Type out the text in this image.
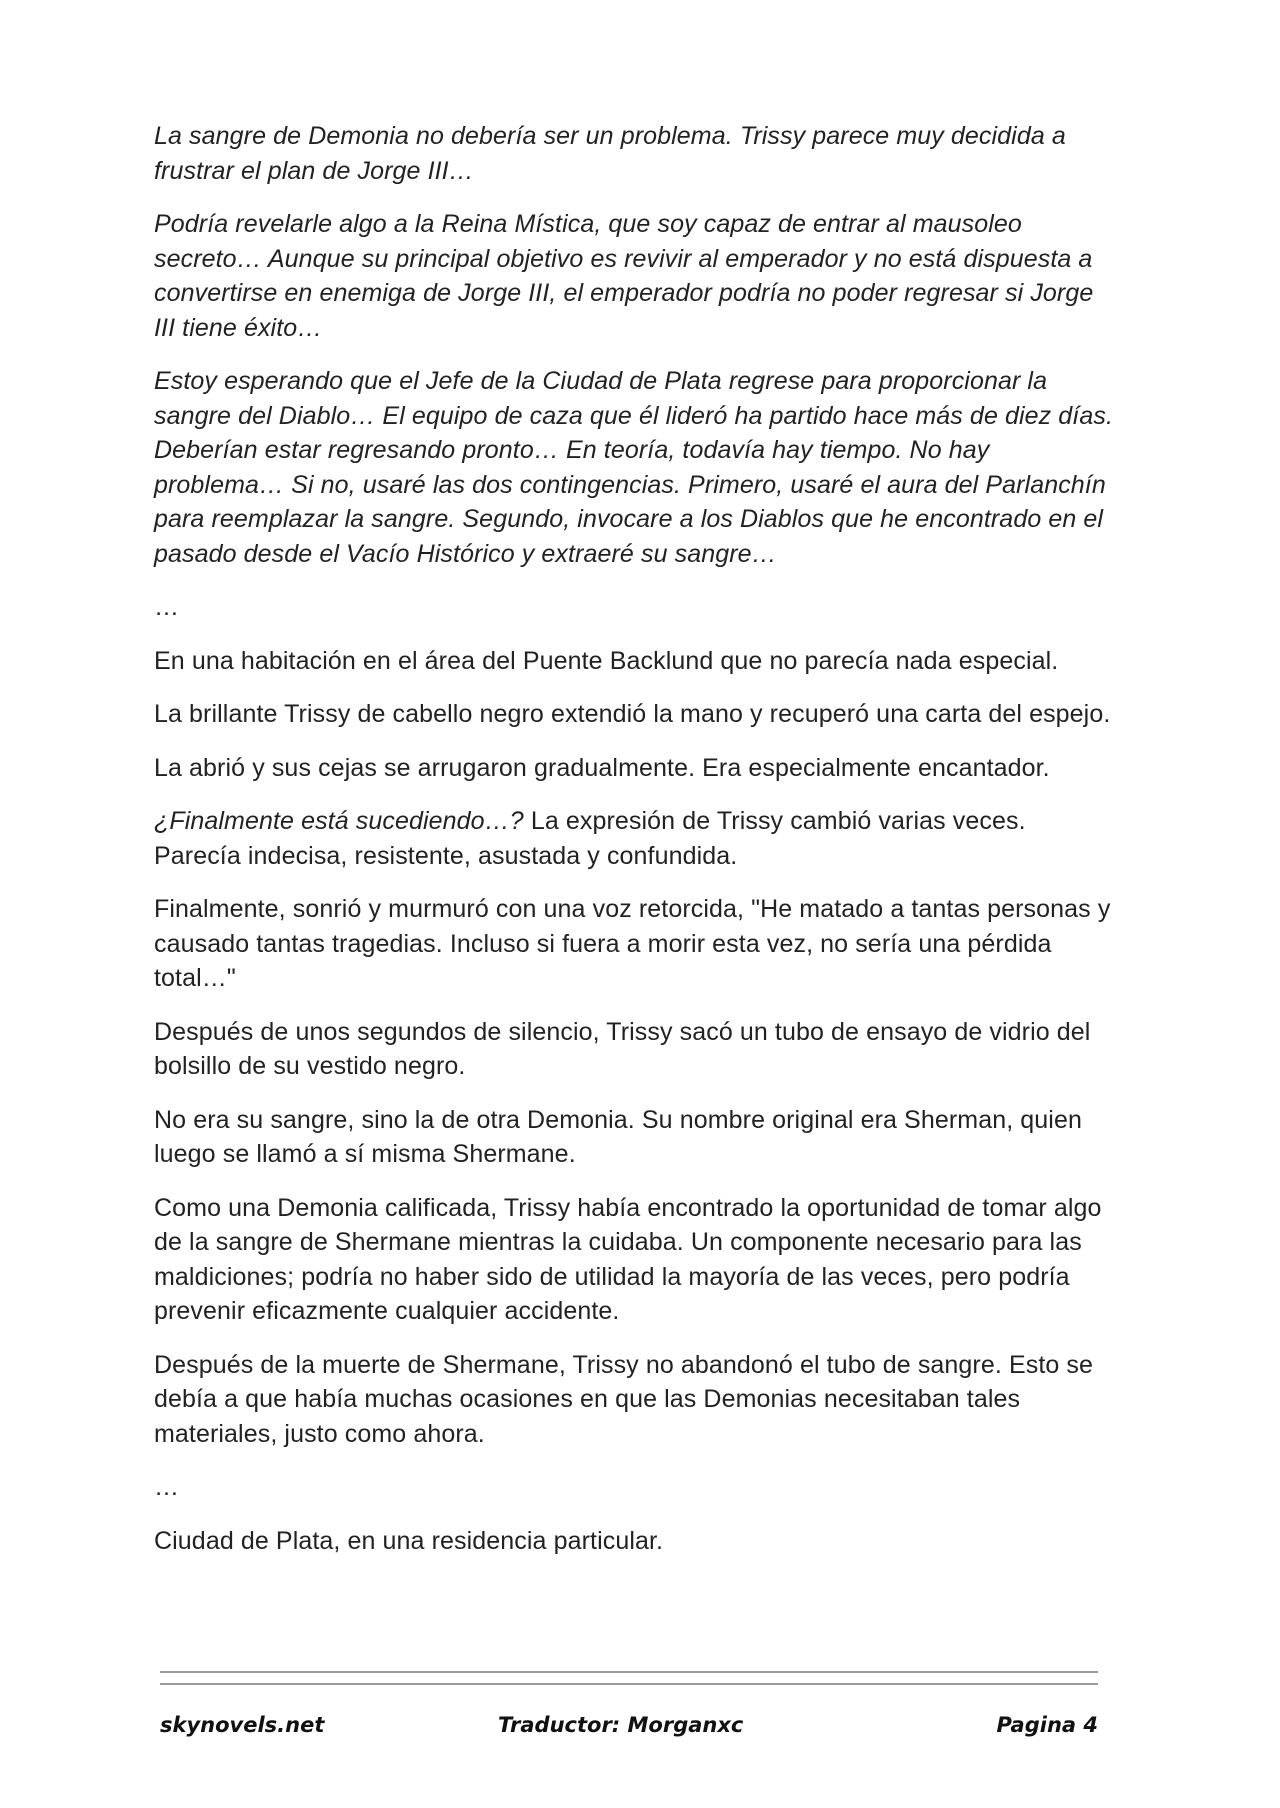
La sangre de Demonia no debería ser un problema. Trissy parece muy decidida a frustrar el plan de Jorge III…

Podría revelarle algo a la Reina Mística, que soy capaz de entrar al mausoleo secreto… Aunque su principal objetivo es revivir al emperador y no está dispuesta a convertirse en enemiga de Jorge III, el emperador podría no poder regresar si Jorge III tiene éxito…

Estoy esperando que el Jefe de la Ciudad de Plata regrese para proporcionar la sangre del Diablo… El equipo de caza que él lideró ha partido hace más de diez días. Deberían estar regresando pronto… En teoría, todavía hay tiempo. No hay problema… Si no, usaré las dos contingencias. Primero, usaré el aura del Parlanchín para reemplazar la sangre. Segundo, invocare a los Diablos que he encontrado en el pasado desde el Vacío Histórico y extraeré su sangre…

…

En una habitación en el área del Puente Backlund que no parecía nada especial.

La brillante Trissy de cabello negro extendió la mano y recuperó una carta del espejo.

La abrió y sus cejas se arrugaron gradualmente. Era especialmente encantador.

¿Finalmente está sucediendo…? La expresión de Trissy cambió varias veces. Parecía indecisa, resistente, asustada y confundida.

Finalmente, sonrió y murmuró con una voz retorcida, "He matado a tantas personas y causado tantas tragedias. Incluso si fuera a morir esta vez, no sería una pérdida total…"

Después de unos segundos de silencio, Trissy sacó un tubo de ensayo de vidrio del bolsillo de su vestido negro.

No era su sangre, sino la de otra Demonia. Su nombre original era Sherman, quien luego se llamó a sí misma Shermane.

Como una Demonia calificada, Trissy había encontrado la oportunidad de tomar algo de la sangre de Shermane mientras la cuidaba. Un componente necesario para las maldiciones; podría no haber sido de utilidad la mayoría de las veces, pero podría prevenir eficazmente cualquier accidente.

Después de la muerte de Shermane, Trissy no abandonó el tubo de sangre. Esto se debía a que había muchas ocasiones en que las Demonias necesitaban tales materiales, justo como ahora.

…

Ciudad de Plata, en una residencia particular.

skynovels.net	Traductor: Morganxc	Pagina 4
